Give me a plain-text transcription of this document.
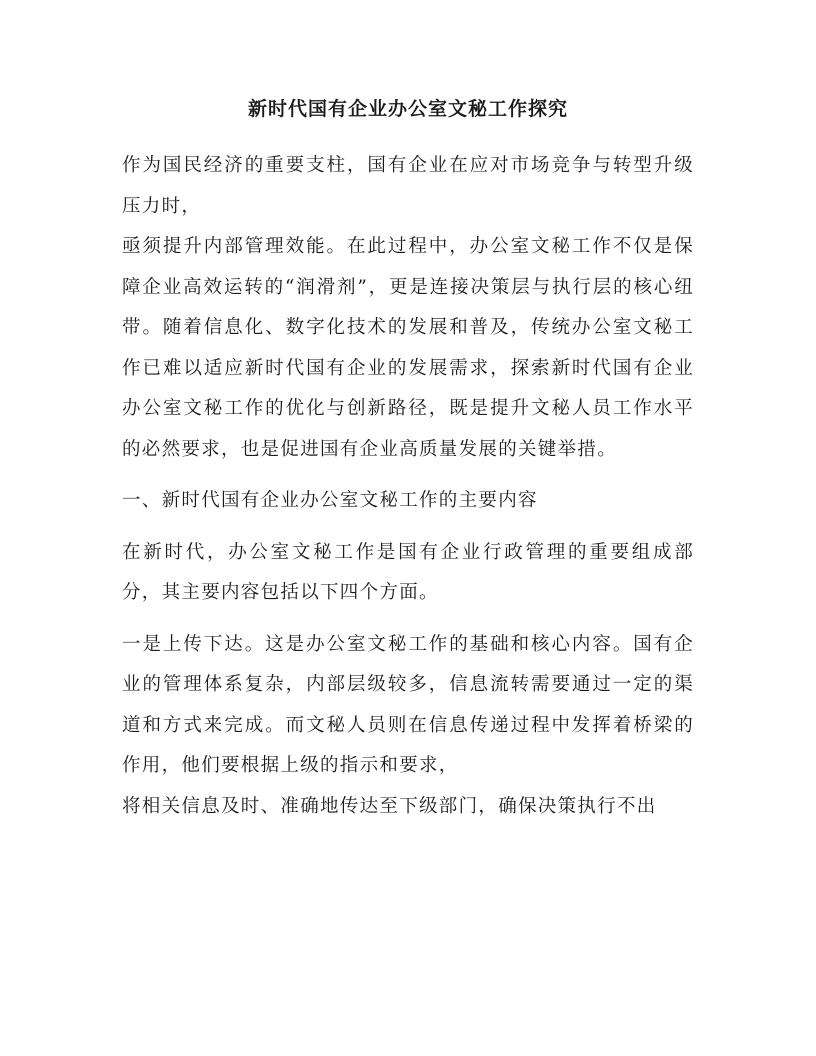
新时代国有企业办公室文秘工作探究

作为国民经济的重要支柱，国有企业在应对市场竞争与转型升级压力时，

亟须提升内部管理效能。在此过程中，办公室文秘工作不仅是保障企业高效运转的“润滑剂”，更是连接决策层与执行层的核心纽带。随着信息化、数字化技术的发展和普及，传统办公室文秘工作已难以适应新时代国有企业的发展需求，探索新时代国有企业办公室文秘工作的优化与创新路径，既是提升文秘人员工作水平的必然要求，也是促进国有企业高质量发展的关键举措。

一、新时代国有企业办公室文秘工作的主要内容

在新时代，办公室文秘工作是国有企业行政管理的重要组成部分，其主要内容包括以下四个方面。

一是上传下达。这是办公室文秘工作的基础和核心内容。国有企业的管理体系复杂，内部层级较多，信息流转需要通过一定的渠道和方式来完成。而文秘人员则在信息传递过程中发挥着桥梁的作用，他们要根据上级的指示和要求，

将相关信息及时、准确地传达至下级部门，确保决策执行不出
